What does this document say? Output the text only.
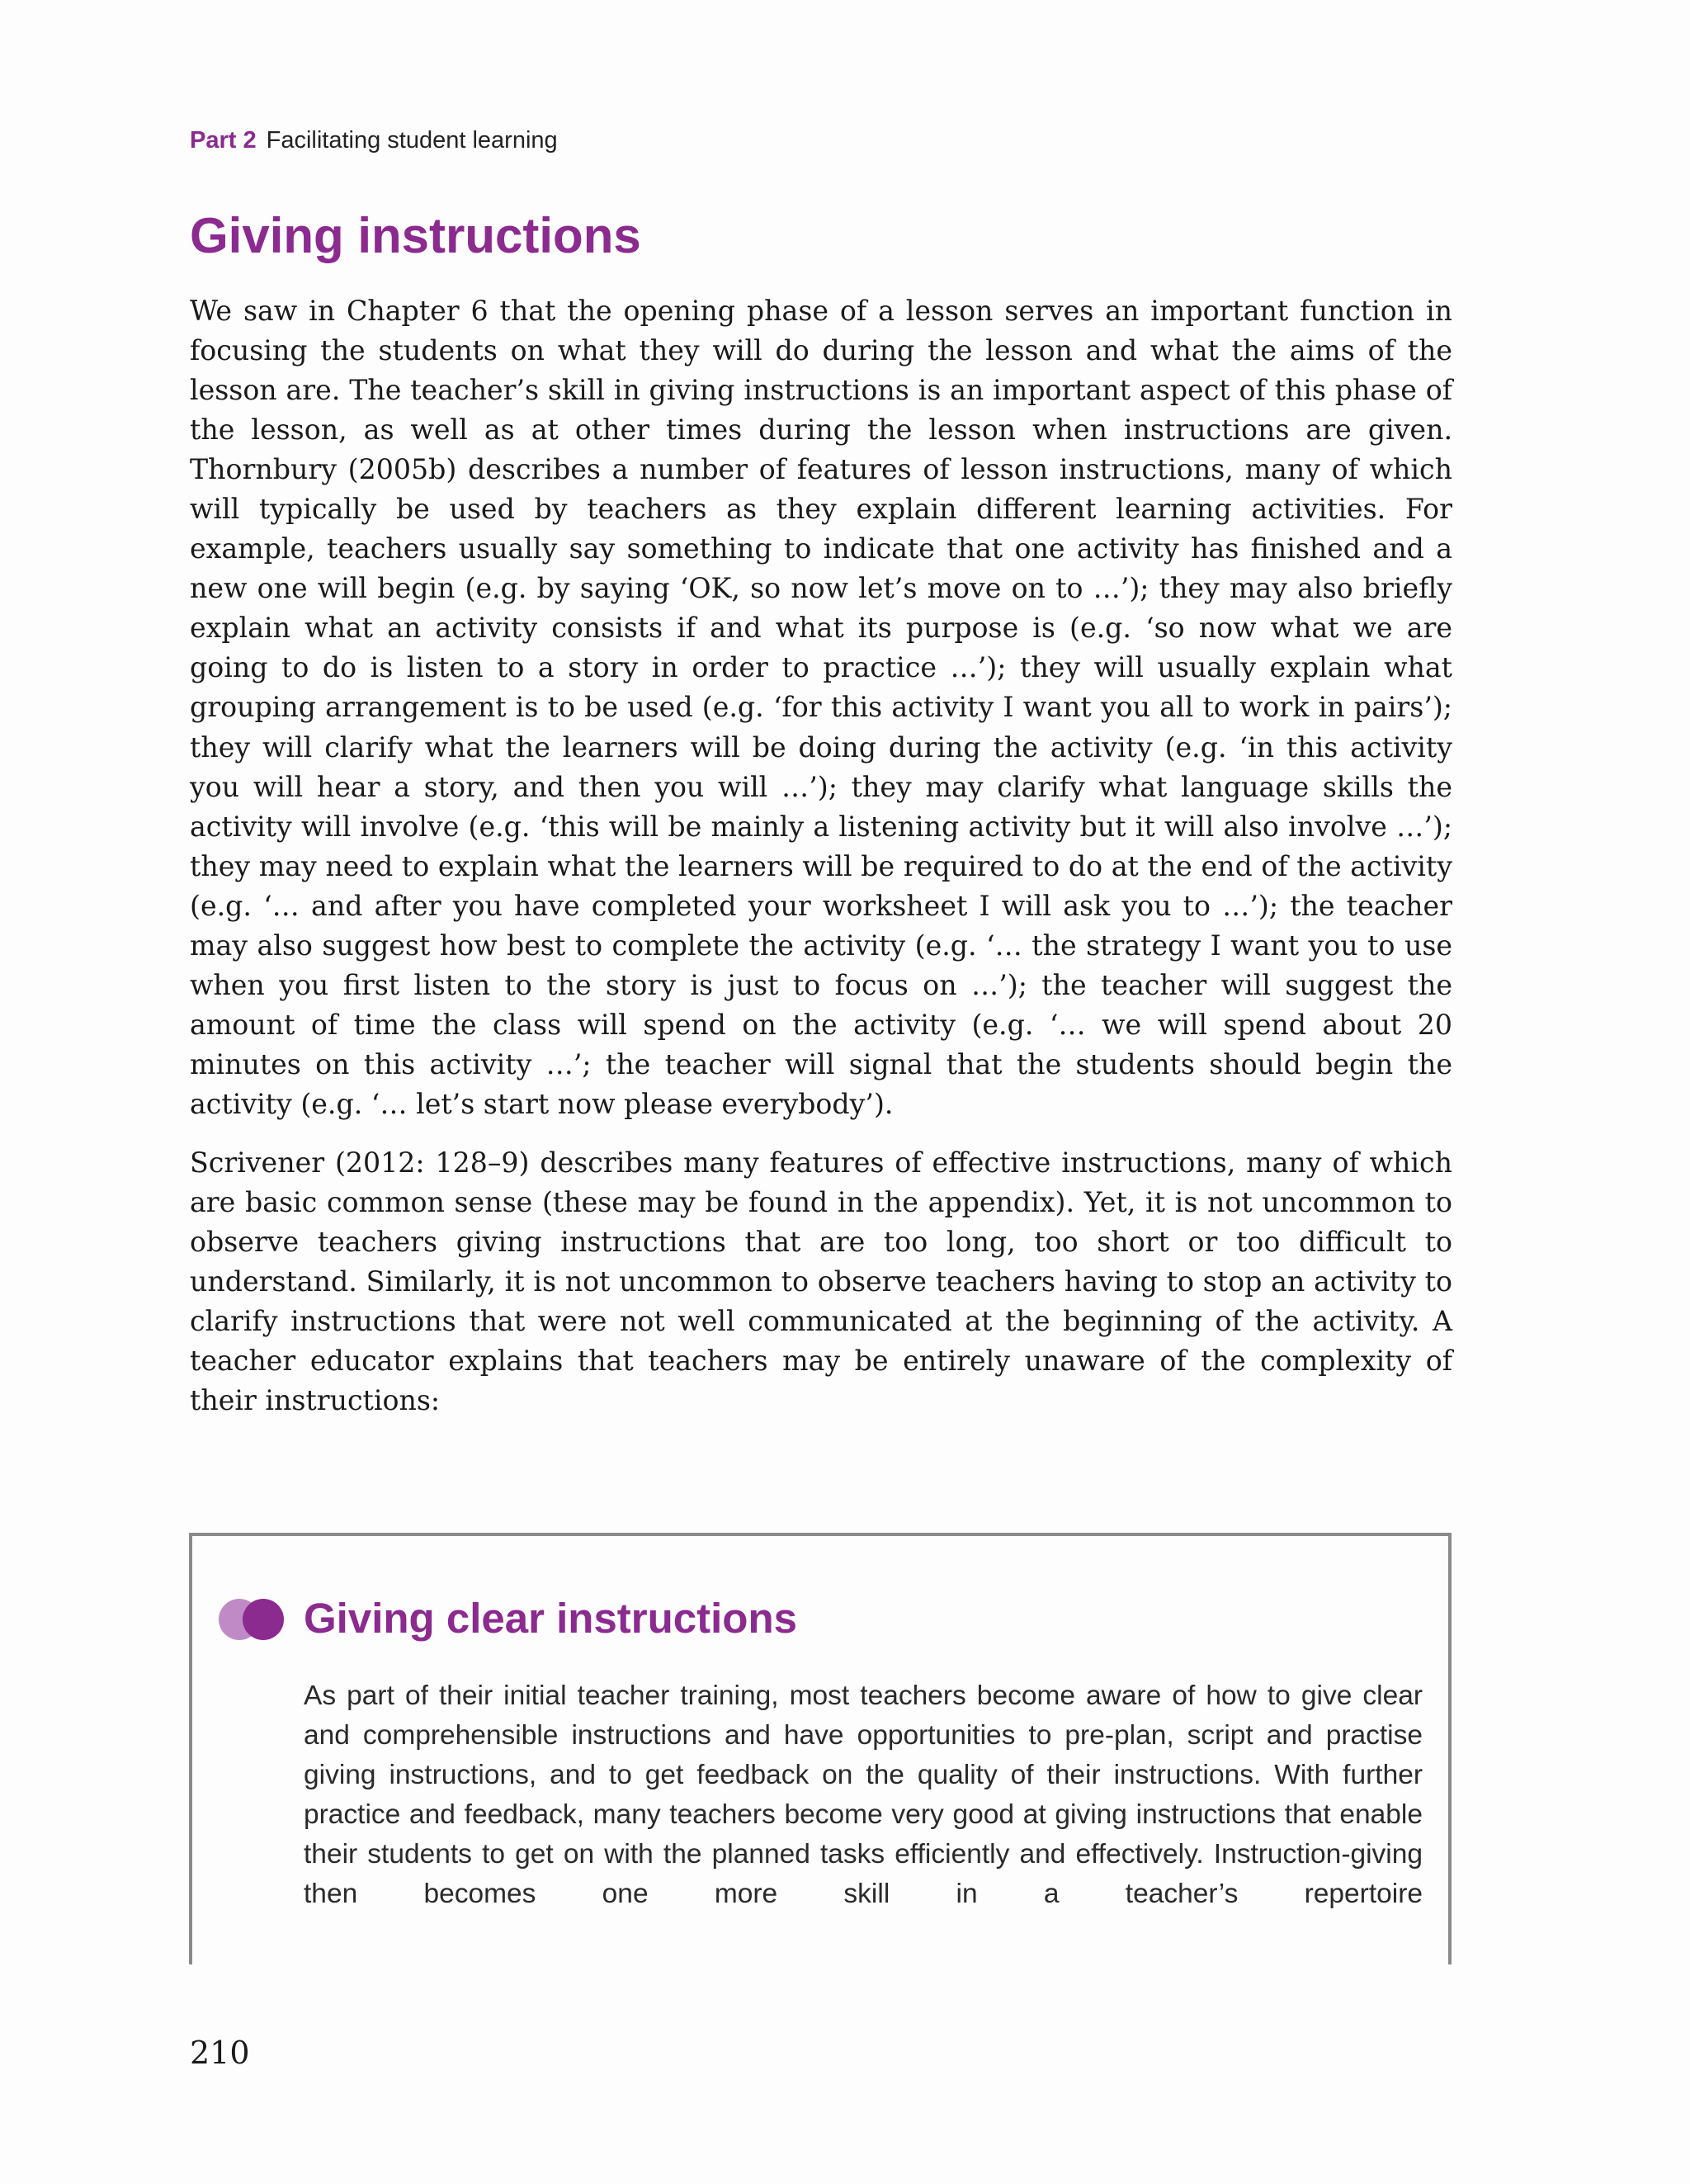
Part 2 Facilitating student learning
Giving instructions

We saw in Chapter 6 that the opening phase of a lesson serves an important function in focusing the students on what they will do during the lesson and what the aims of the lesson are. The teacher’s skill in giving instructions is an important aspect of this phase of the lesson, as well as at other times during the lesson when instructions are given. Thornbury (2005b) describes a number of features of lesson instructions, many of which will typically be used by teachers as they explain different learning activities. For example, teachers usually say something to indicate that one activity has finished and a new one will begin (e.g. by saying ‘OK, so now let’s move on to …’); they may also briefly explain what an activity consists if and what its purpose is (e.g. ‘so now what we are going to do is listen to a story in order to practice …’); they will usually explain what grouping arrangement is to be used (e.g. ‘for this activity I want you all to work in pairs’); they will clarify what the learners will be doing during the activity (e.g. ‘in this activity you will hear a story, and then you will …’); they may clarify what language skills the activity will involve (e.g. ‘this will be mainly a listening activity but it will also involve …’); they may need to explain what the learners will be required to do at the end of the activity (e.g. ‘… and after you have completed your worksheet I will ask you to …’); the teacher may also suggest how best to complete the activity (e.g. ‘… the strategy I want you to use when you first listen to the story is just to focus on …’); the teacher will suggest the amount of time the class will spend on the activity (e.g. ‘… we will spend about 20 minutes on this activity …’; the teacher will signal that the students should begin the activity (e.g. ‘… let’s start now please everybody’).

Scrivener (2012: 128–9) describes many features of effective instructions, many of which are basic common sense (these may be found in the appendix). Yet, it is not uncommon to observe teachers giving instructions that are too long, too short or too difficult to understand. Similarly, it is not uncommon to observe teachers having to stop an activity to clarify instructions that were not well communicated at the beginning of the activity. A teacher educator explains that teachers may be entirely unaware of the complexity of their instructions:

Giving clear instructions

As part of their initial teacher training, most teachers become aware of how to give clear and comprehensible instructions and have opportunities to pre-plan, script and practise giving instructions, and to get feedback on the quality of their instructions. With further practice and feedback, many teachers become very good at giving instructions that enable their students to get on with the planned tasks efficiently and effectively. Instruction-giving then becomes one more skill in a teacher’s repertoire

210
